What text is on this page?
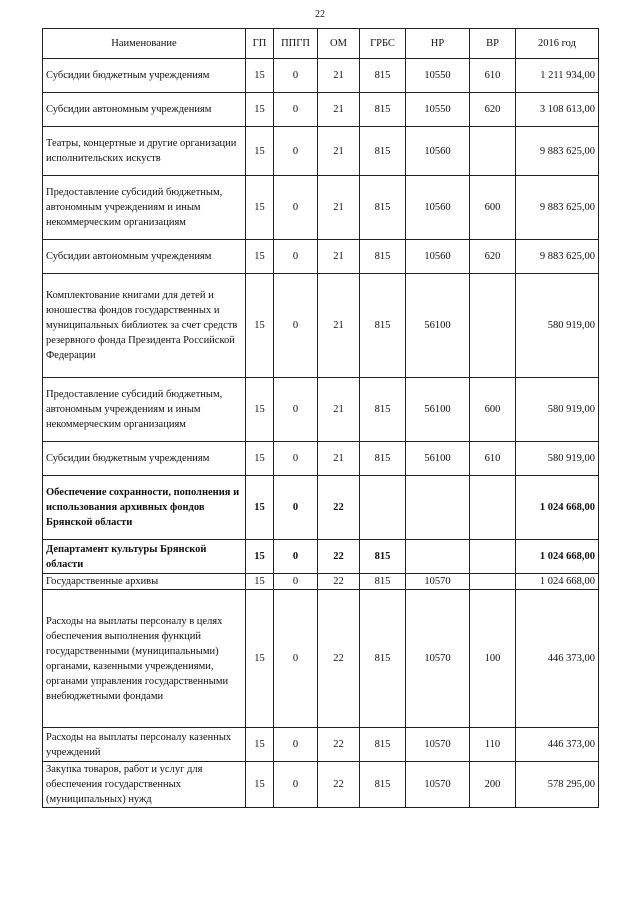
22
Наименование	ГП	ППГП	ОМ	ГРБС	НР	ВР	2016 год
Субсидии бюджетным учреждениям	15	0	21	815	10550	610	1 211 934,00
Субсидии автономным учреждениям	15	0	21	815	10550	620	3 108 613,00
Театры, концертные и другие организации исполнительских искуств	15	0	21	815	10560		9 883 625,00
Предоставление субсидий бюджетным, автономным учреждениям и иным некоммерческим организациям	15	0	21	815	10560	600	9 883 625,00
Субсидии автономным учреждениям	15	0	21	815	10560	620	9 883 625,00
Комплектование книгами для детей и юношества фондов государственных и муниципальных библиотек за счет средств резервного фонда Президента Российской Федерации	15	0	21	815	56100		580 919,00
Предоставление субсидий бюджетным, автономным учреждениям и иным некоммерческим организациям	15	0	21	815	56100	600	580 919,00
Субсидии бюджетным учреждениям	15	0	21	815	56100	610	580 919,00
Обеспечение сохранности, пополнения и использования архивных фондов Брянской области	15	0	22				1 024 668,00
Департамент культуры Брянской области	15	0	22	815			1 024 668,00
Государственные архивы	15	0	22	815	10570		1 024 668,00
Расходы на выплаты персоналу в целях обеспечения выполнения функций государственными (муниципальными) органами, казенными учреждениями, органами управления государственными внебюджетными фондами	15	0	22	815	10570	100	446 373,00
Расходы на выплаты персоналу казенных учреждений	15	0	22	815	10570	110	446 373,00
Закупка товаров, работ и услуг для обеспечения государственных (муниципальных) нужд	15	0	22	815	10570	200	578 295,00
